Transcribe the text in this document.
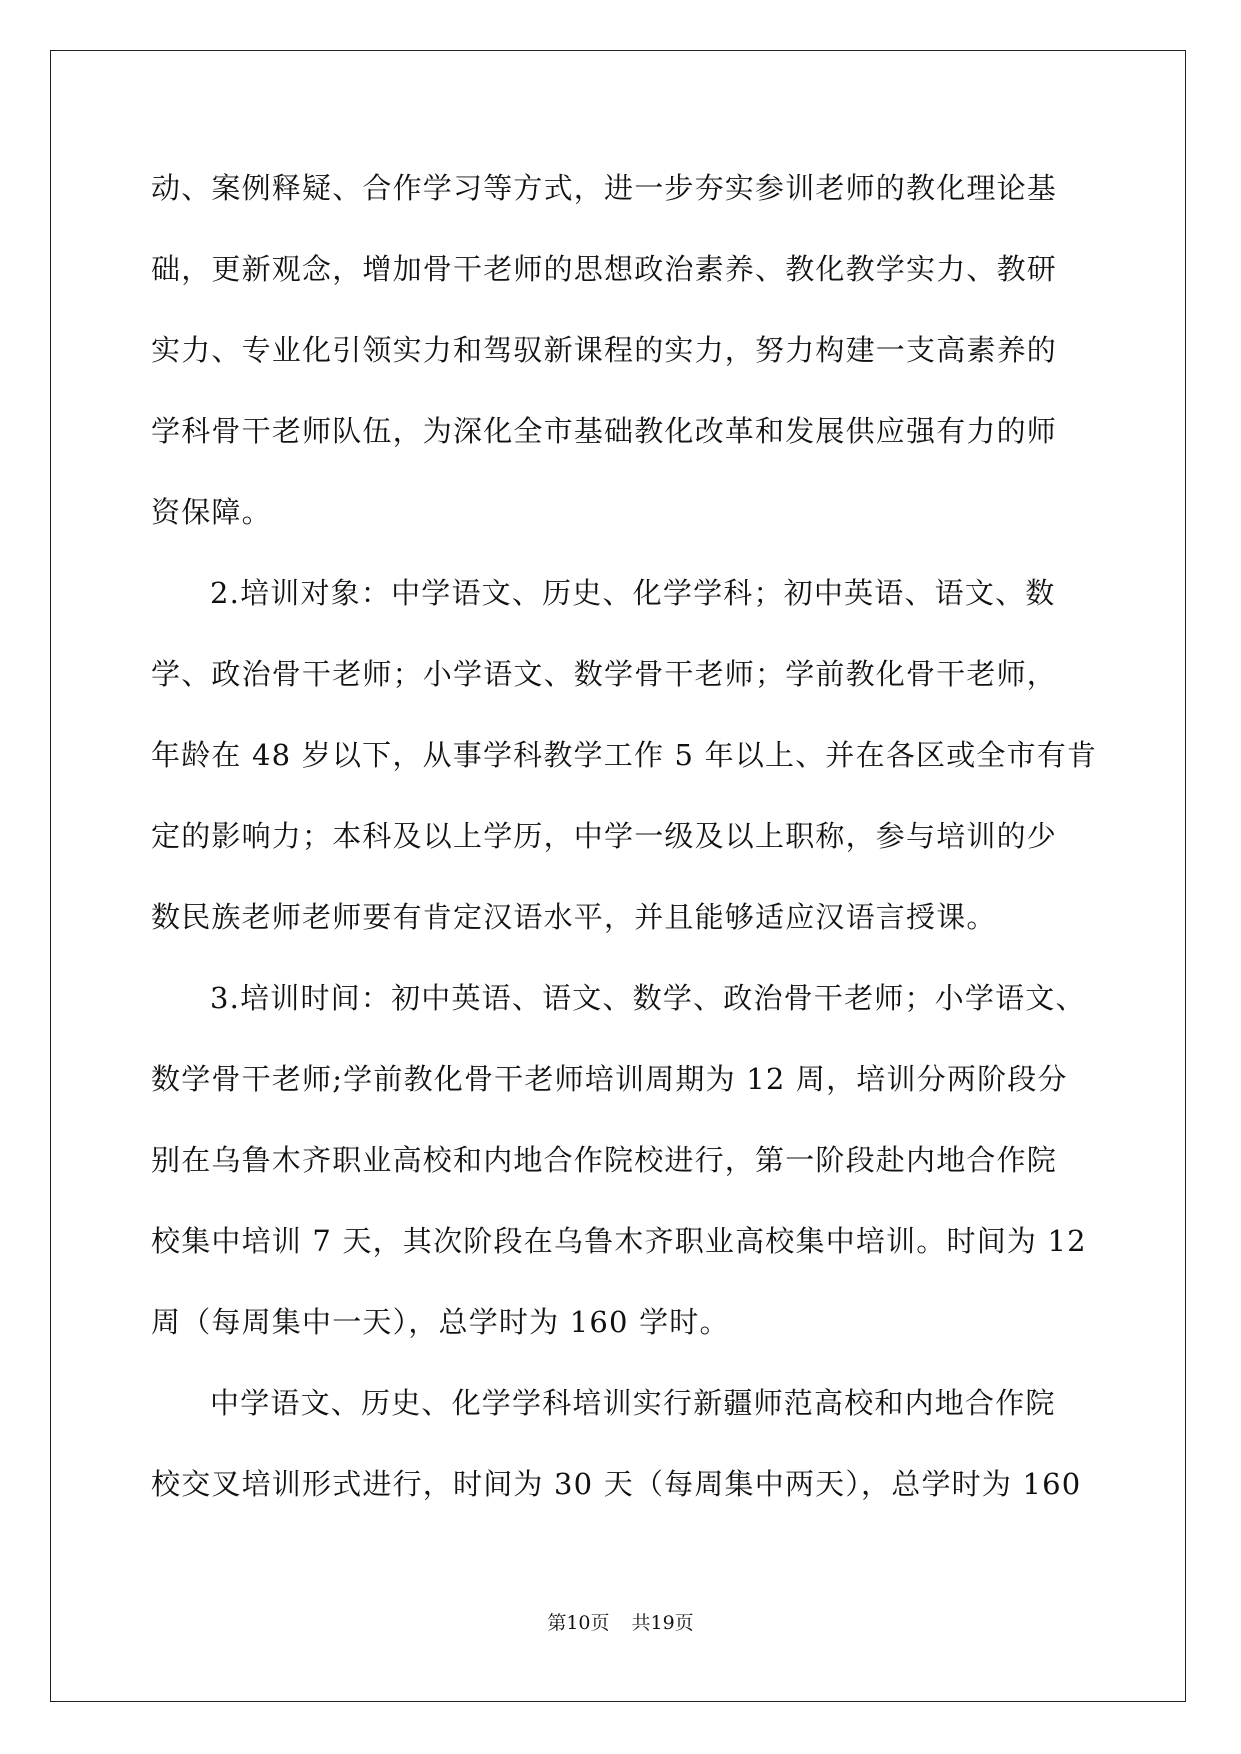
动、案例释疑、合作学习等方式，进一步夯实参训老师的教化理论基
础，更新观念，增加骨干老师的思想政治素养、教化教学实力、教研
实力、专业化引领实力和驾驭新课程的实力，努力构建一支高素养的
学科骨干老师队伍，为深化全市基础教化改革和发展供应强有力的师
资保障。
2.培训对象：中学语文、历史、化学学科；初中英语、语文、数
学、政治骨干老师；小学语文、数学骨干老师；学前教化骨干老师，
年龄在 48 岁以下，从事学科教学工作 5 年以上、并在各区或全市有肯
定的影响力；本科及以上学历，中学一级及以上职称，参与培训的少
数民族老师老师要有肯定汉语水平，并且能够适应汉语言授课。
3.培训时间：初中英语、语文、数学、政治骨干老师；小学语文、
数学骨干老师;学前教化骨干老师培训周期为 12 周，培训分两阶段分
别在乌鲁木齐职业高校和内地合作院校进行，第一阶段赴内地合作院
校集中培训 7 天，其次阶段在乌鲁木齐职业高校集中培训。时间为 12
周（每周集中一天），总学时为 160 学时。
中学语文、历史、化学学科培训实行新疆师范高校和内地合作院
校交叉培训形式进行，时间为 30 天（每周集中两天），总学时为 160
第10页 共19页
